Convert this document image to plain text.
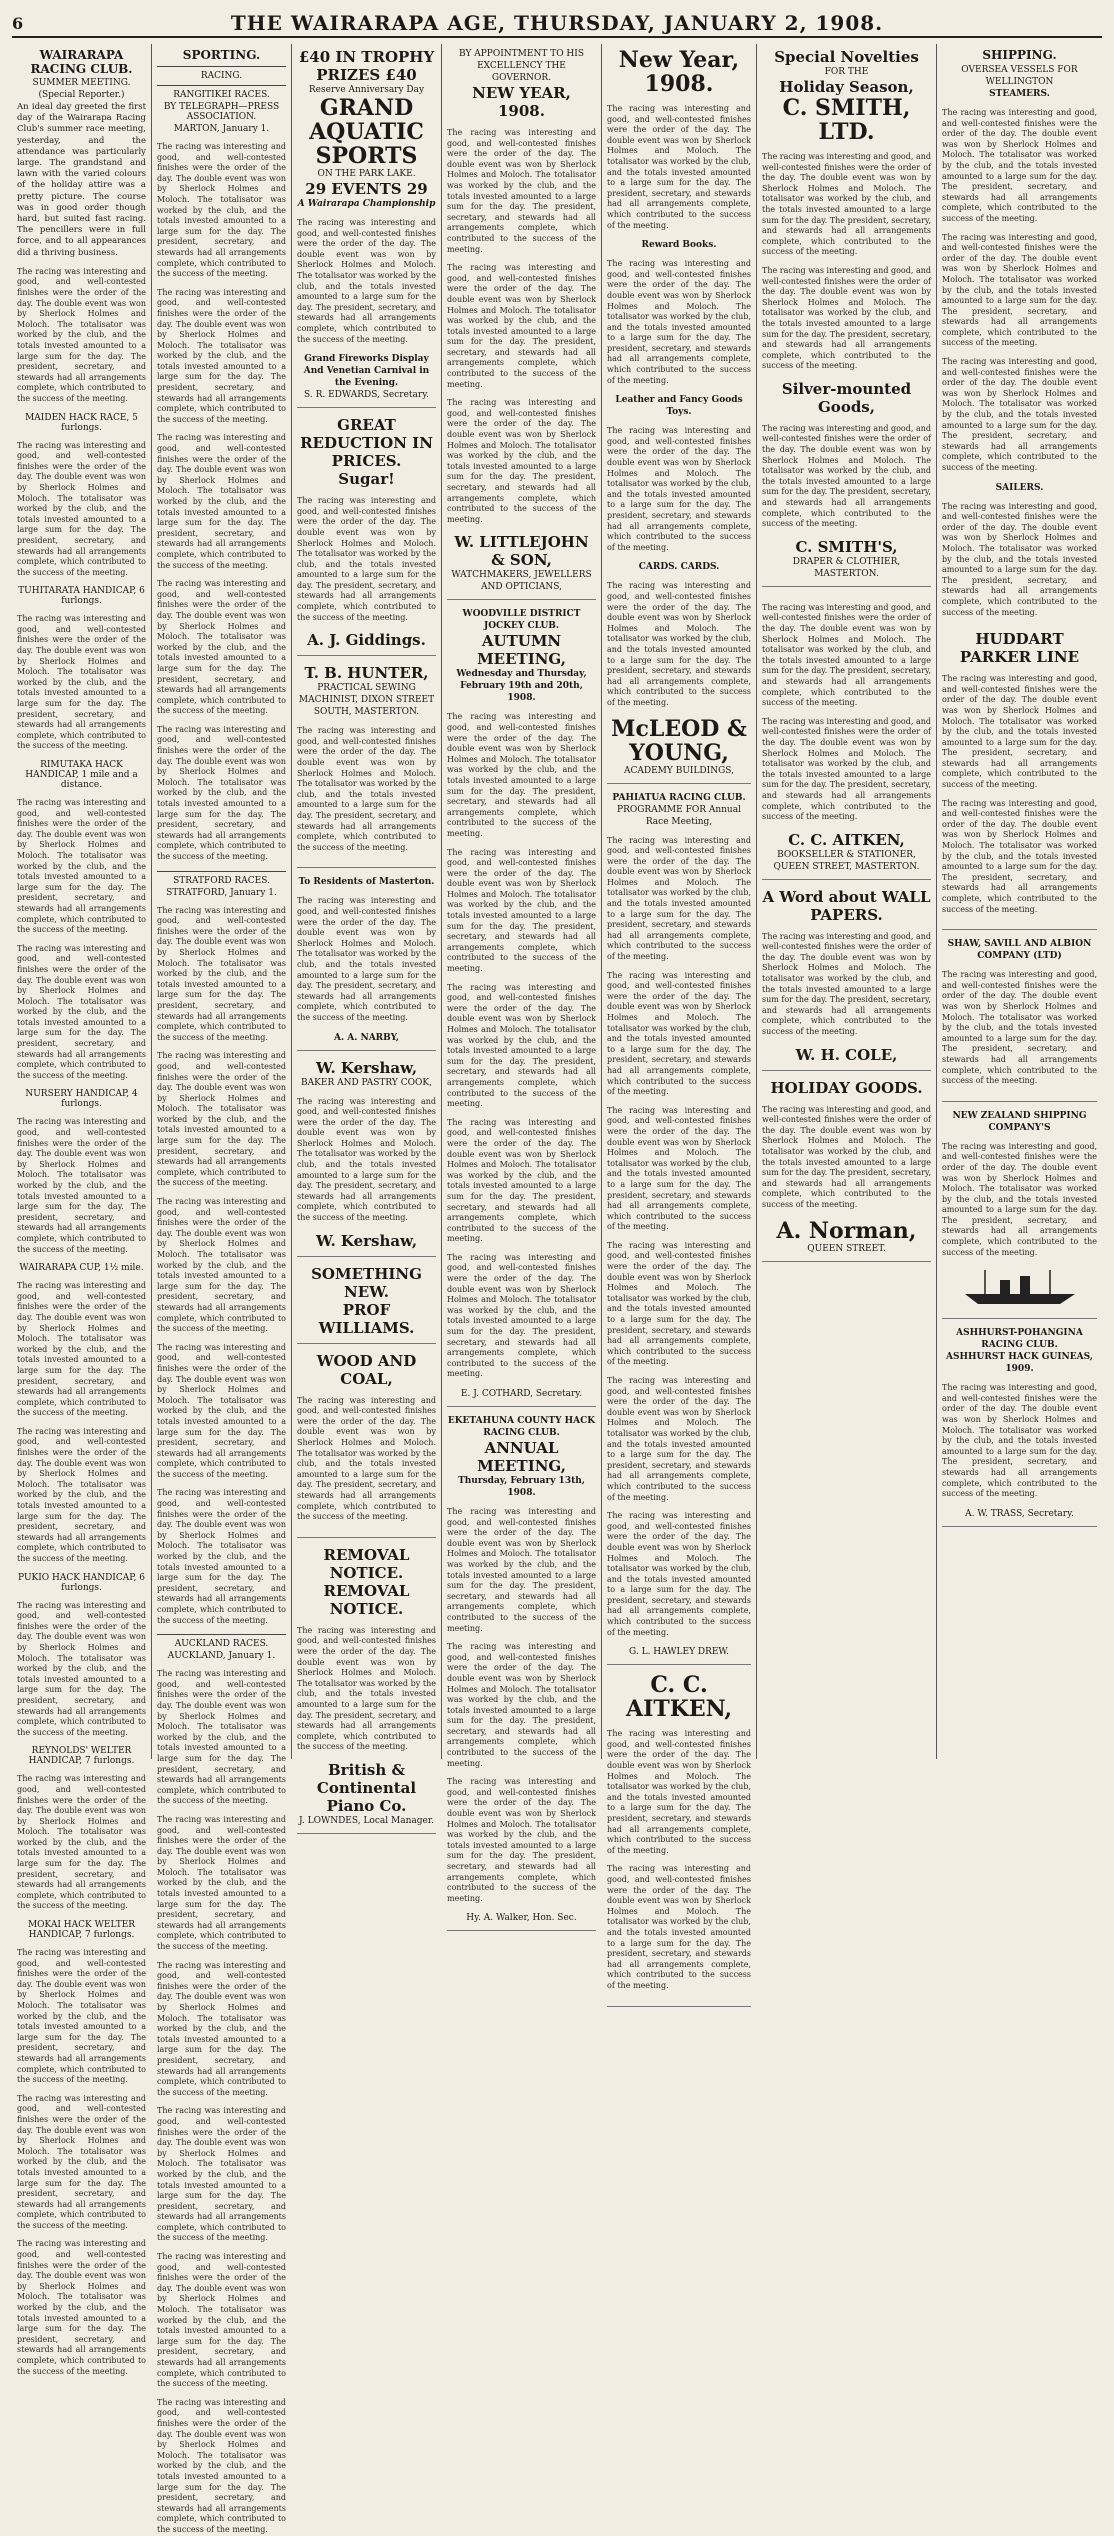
6	THE WAIRARAPA AGE, THURSDAY, JANUARY 2, 1908.
WAIRARAPA RACING CLUB.
SUMMER MEETING.
(Special Reporter.)

An ideal day greeted the first day of the Wairarapa Racing Club's summer race meeting, yesterday, and the attendance was particularly large. The grandstand and lawn with the varied colours of the holiday attire was a pretty picture. The course was in good order though hard, but suited fast racing. The pencillers were in full force, and to all appearances did a thriving business.

The racing was interesting and good, and well-contested finishes were the order of the day. The double event was won by Sherlock Holmes and Moloch. The totalisator was worked by the club, and the totals invested amounted to a large sum for the day. The president, secretary, and stewards had all arrangements complete, which contributed to the success of the meeting.

MAIDEN HACK RACE, 5 furlongs.

The racing was interesting and good, and well-contested finishes were the order of the day. The double event was won by Sherlock Holmes and Moloch. The totalisator was worked by the club, and the totals invested amounted to a large sum for the day. The president, secretary, and stewards had all arrangements complete, which contributed to the success of the meeting.

TUHITARATA HANDICAP, 6 furlongs.

The racing was interesting and good, and well-contested finishes were the order of the day. The double event was won by Sherlock Holmes and Moloch. The totalisator was worked by the club, and the totals invested amounted to a large sum for the day. The president, secretary, and stewards had all arrangements complete, which contributed to the success of the meeting.

RIMUTAKA HACK HANDICAP, 1 mile and a distance.

The racing was interesting and good, and well-contested finishes were the order of the day. The double event was won by Sherlock Holmes and Moloch. The totalisator was worked by the club, and the totals invested amounted to a large sum for the day. The president, secretary, and stewards had all arrangements complete, which contributed to the success of the meeting.

The racing was interesting and good, and well-contested finishes were the order of the day. The double event was won by Sherlock Holmes and Moloch. The totalisator was worked by the club, and the totals invested amounted to a large sum for the day. The president, secretary, and stewards had all arrangements complete, which contributed to the success of the meeting.

NURSERY HANDICAP, 4 furlongs.

The racing was interesting and good, and well-contested finishes were the order of the day. The double event was won by Sherlock Holmes and Moloch. The totalisator was worked by the club, and the totals invested amounted to a large sum for the day. The president, secretary, and stewards had all arrangements complete, which contributed to the success of the meeting.

WAIRARAPA CUP, 1½ mile.

The racing was interesting and good, and well-contested finishes were the order of the day. The double event was won by Sherlock Holmes and Moloch. The totalisator was worked by the club, and the totals invested amounted to a large sum for the day. The president, secretary, and stewards had all arrangements complete, which contributed to the success of the meeting.

The racing was interesting and good, and well-contested finishes were the order of the day. The double event was won by Sherlock Holmes and Moloch. The totalisator was worked by the club, and the totals invested amounted to a large sum for the day. The president, secretary, and stewards had all arrangements complete, which contributed to the success of the meeting.

PUKIO HACK HANDICAP, 6 furlongs.

The racing was interesting and good, and well-contested finishes were the order of the day. The double event was won by Sherlock Holmes and Moloch. The totalisator was worked by the club, and the totals invested amounted to a large sum for the day. The president, secretary, and stewards had all arrangements complete, which contributed to the success of the meeting.

REYNOLDS' WELTER HANDICAP, 7 furlongs.

The racing was interesting and good, and well-contested finishes were the order of the day. The double event was won by Sherlock Holmes and Moloch. The totalisator was worked by the club, and the totals invested amounted to a large sum for the day. The president, secretary, and stewards had all arrangements complete, which contributed to the success of the meeting.

MOKAI HACK WELTER HANDICAP, 7 furlongs.

The racing was interesting and good, and well-contested finishes were the order of the day. The double event was won by Sherlock Holmes and Moloch. The totalisator was worked by the club, and the totals invested amounted to a large sum for the day. The president, secretary, and stewards had all arrangements complete, which contributed to the success of the meeting.

The racing was interesting and good, and well-contested finishes were the order of the day. The double event was won by Sherlock Holmes and Moloch. The totalisator was worked by the club, and the totals invested amounted to a large sum for the day. The president, secretary, and stewards had all arrangements complete, which contributed to the success of the meeting.

The racing was interesting and good, and well-contested finishes were the order of the day. The double event was won by Sherlock Holmes and Moloch. The totalisator was worked by the club, and the totals invested amounted to a large sum for the day. The president, secretary, and stewards had all arrangements complete, which contributed to the success of the meeting.

SPORTING.
RACING.
RANGITIKEI RACES.
BY TELEGRAPH—PRESS ASSOCIATION.
MARTON, January 1.

The racing was interesting and good, and well-contested finishes were the order of the day. The double event was won by Sherlock Holmes and Moloch. The totalisator was worked by the club, and the totals invested amounted to a large sum for the day. The president, secretary, and stewards had all arrangements complete, which contributed to the success of the meeting.

The racing was interesting and good, and well-contested finishes were the order of the day. The double event was won by Sherlock Holmes and Moloch. The totalisator was worked by the club, and the totals invested amounted to a large sum for the day. The president, secretary, and stewards had all arrangements complete, which contributed to the success of the meeting.

The racing was interesting and good, and well-contested finishes were the order of the day. The double event was won by Sherlock Holmes and Moloch. The totalisator was worked by the club, and the totals invested amounted to a large sum for the day. The president, secretary, and stewards had all arrangements complete, which contributed to the success of the meeting.

The racing was interesting and good, and well-contested finishes were the order of the day. The double event was won by Sherlock Holmes and Moloch. The totalisator was worked by the club, and the totals invested amounted to a large sum for the day. The president, secretary, and stewards had all arrangements complete, which contributed to the success of the meeting.

The racing was interesting and good, and well-contested finishes were the order of the day. The double event was won by Sherlock Holmes and Moloch. The totalisator was worked by the club, and the totals invested amounted to a large sum for the day. The president, secretary, and stewards had all arrangements complete, which contributed to the success of the meeting.

STRATFORD RACES.
STRATFORD, January 1.

The racing was interesting and good, and well-contested finishes were the order of the day. The double event was won by Sherlock Holmes and Moloch. The totalisator was worked by the club, and the totals invested amounted to a large sum for the day. The president, secretary, and stewards had all arrangements complete, which contributed to the success of the meeting.

The racing was interesting and good, and well-contested finishes were the order of the day. The double event was won by Sherlock Holmes and Moloch. The totalisator was worked by the club, and the totals invested amounted to a large sum for the day. The president, secretary, and stewards had all arrangements complete, which contributed to the success of the meeting.

The racing was interesting and good, and well-contested finishes were the order of the day. The double event was won by Sherlock Holmes and Moloch. The totalisator was worked by the club, and the totals invested amounted to a large sum for the day. The president, secretary, and stewards had all arrangements complete, which contributed to the success of the meeting.

The racing was interesting and good, and well-contested finishes were the order of the day. The double event was won by Sherlock Holmes and Moloch. The totalisator was worked by the club, and the totals invested amounted to a large sum for the day. The president, secretary, and stewards had all arrangements complete, which contributed to the success of the meeting.

The racing was interesting and good, and well-contested finishes were the order of the day. The double event was won by Sherlock Holmes and Moloch. The totalisator was worked by the club, and the totals invested amounted to a large sum for the day. The president, secretary, and stewards had all arrangements complete, which contributed to the success of the meeting.

AUCKLAND RACES.
AUCKLAND, January 1.

The racing was interesting and good, and well-contested finishes were the order of the day. The double event was won by Sherlock Holmes and Moloch. The totalisator was worked by the club, and the totals invested amounted to a large sum for the day. The president, secretary, and stewards had all arrangements complete, which contributed to the success of the meeting.

The racing was interesting and good, and well-contested finishes were the order of the day. The double event was won by Sherlock Holmes and Moloch. The totalisator was worked by the club, and the totals invested amounted to a large sum for the day. The president, secretary, and stewards had all arrangements complete, which contributed to the success of the meeting.

The racing was interesting and good, and well-contested finishes were the order of the day. The double event was won by Sherlock Holmes and Moloch. The totalisator was worked by the club, and the totals invested amounted to a large sum for the day. The president, secretary, and stewards had all arrangements complete, which contributed to the success of the meeting.

The racing was interesting and good, and well-contested finishes were the order of the day. The double event was won by Sherlock Holmes and Moloch. The totalisator was worked by the club, and the totals invested amounted to a large sum for the day. The president, secretary, and stewards had all arrangements complete, which contributed to the success of the meeting.

The racing was interesting and good, and well-contested finishes were the order of the day. The double event was won by Sherlock Holmes and Moloch. The totalisator was worked by the club, and the totals invested amounted to a large sum for the day. The president, secretary, and stewards had all arrangements complete, which contributed to the success of the meeting.

The racing was interesting and good, and well-contested finishes were the order of the day. The double event was won by Sherlock Holmes and Moloch. The totalisator was worked by the club, and the totals invested amounted to a large sum for the day. The president, secretary, and stewards had all arrangements complete, which contributed to the success of the meeting.

£40 IN TROPHY PRIZES £40
Reserve Anniversary Day
GRAND AQUATIC SPORTS
ON THE PARK LAKE.
29 EVENTS 29
A Wairarapa Championship

The racing was interesting and good, and well-contested finishes were the order of the day. The double event was won by Sherlock Holmes and Moloch. The totalisator was worked by the club, and the totals invested amounted to a large sum for the day. The president, secretary, and stewards had all arrangements complete, which contributed to the success of the meeting.

Grand Fireworks Display And Venetian Carnival in the Evening.
S. R. EDWARDS, Secretary.
GREAT REDUCTION IN PRICES.
Sugar!

The racing was interesting and good, and well-contested finishes were the order of the day. The double event was won by Sherlock Holmes and Moloch. The totalisator was worked by the club, and the totals invested amounted to a large sum for the day. The president, secretary, and stewards had all arrangements complete, which contributed to the success of the meeting.

A. J. Giddings.
T. B. HUNTER,
PRACTICAL SEWING MACHINIST, DIXON STREET SOUTH, MASTERTON.

The racing was interesting and good, and well-contested finishes were the order of the day. The double event was won by Sherlock Holmes and Moloch. The totalisator was worked by the club, and the totals invested amounted to a large sum for the day. The president, secretary, and stewards had all arrangements complete, which contributed to the success of the meeting.

To Residents of Masterton.

The racing was interesting and good, and well-contested finishes were the order of the day. The double event was won by Sherlock Holmes and Moloch. The totalisator was worked by the club, and the totals invested amounted to a large sum for the day. The president, secretary, and stewards had all arrangements complete, which contributed to the success of the meeting.

A. A. NARBY,
W. Kershaw,
BAKER AND PASTRY COOK,

The racing was interesting and good, and well-contested finishes were the order of the day. The double event was won by Sherlock Holmes and Moloch. The totalisator was worked by the club, and the totals invested amounted to a large sum for the day. The president, secretary, and stewards had all arrangements complete, which contributed to the success of the meeting.

W. Kershaw,
SOMETHING NEW.
PROF WILLIAMS.
WOOD AND COAL,

The racing was interesting and good, and well-contested finishes were the order of the day. The double event was won by Sherlock Holmes and Moloch. The totalisator was worked by the club, and the totals invested amounted to a large sum for the day. The president, secretary, and stewards had all arrangements complete, which contributed to the success of the meeting.

REMOVAL NOTICE. REMOVAL NOTICE.

The racing was interesting and good, and well-contested finishes were the order of the day. The double event was won by Sherlock Holmes and Moloch. The totalisator was worked by the club, and the totals invested amounted to a large sum for the day. The president, secretary, and stewards had all arrangements complete, which contributed to the success of the meeting.

British & Continental Piano Co.
J. LOWNDES, Local Manager.
BY APPOINTMENT TO HIS EXCELLENCY THE GOVERNOR.
NEW YEAR, 1908.

The racing was interesting and good, and well-contested finishes were the order of the day. The double event was won by Sherlock Holmes and Moloch. The totalisator was worked by the club, and the totals invested amounted to a large sum for the day. The president, secretary, and stewards had all arrangements complete, which contributed to the success of the meeting.

The racing was interesting and good, and well-contested finishes were the order of the day. The double event was won by Sherlock Holmes and Moloch. The totalisator was worked by the club, and the totals invested amounted to a large sum for the day. The president, secretary, and stewards had all arrangements complete, which contributed to the success of the meeting.

The racing was interesting and good, and well-contested finishes were the order of the day. The double event was won by Sherlock Holmes and Moloch. The totalisator was worked by the club, and the totals invested amounted to a large sum for the day. The president, secretary, and stewards had all arrangements complete, which contributed to the success of the meeting.

W. LITTLEJOHN & SON,
WATCHMAKERS, JEWELLERS AND OPTICIANS,
WOODVILLE DISTRICT JOCKEY CLUB.
AUTUMN MEETING,
Wednesday and Thursday, February 19th and 20th, 1908.

The racing was interesting and good, and well-contested finishes were the order of the day. The double event was won by Sherlock Holmes and Moloch. The totalisator was worked by the club, and the totals invested amounted to a large sum for the day. The president, secretary, and stewards had all arrangements complete, which contributed to the success of the meeting.

The racing was interesting and good, and well-contested finishes were the order of the day. The double event was won by Sherlock Holmes and Moloch. The totalisator was worked by the club, and the totals invested amounted to a large sum for the day. The president, secretary, and stewards had all arrangements complete, which contributed to the success of the meeting.

The racing was interesting and good, and well-contested finishes were the order of the day. The double event was won by Sherlock Holmes and Moloch. The totalisator was worked by the club, and the totals invested amounted to a large sum for the day. The president, secretary, and stewards had all arrangements complete, which contributed to the success of the meeting.

The racing was interesting and good, and well-contested finishes were the order of the day. The double event was won by Sherlock Holmes and Moloch. The totalisator was worked by the club, and the totals invested amounted to a large sum for the day. The president, secretary, and stewards had all arrangements complete, which contributed to the success of the meeting.

The racing was interesting and good, and well-contested finishes were the order of the day. The double event was won by Sherlock Holmes and Moloch. The totalisator was worked by the club, and the totals invested amounted to a large sum for the day. The president, secretary, and stewards had all arrangements complete, which contributed to the success of the meeting.

E. J. COTHARD, Secretary.
EKETAHUNA COUNTY HACK RACING CLUB.
ANNUAL MEETING,
Thursday, February 13th, 1908.

The racing was interesting and good, and well-contested finishes were the order of the day. The double event was won by Sherlock Holmes and Moloch. The totalisator was worked by the club, and the totals invested amounted to a large sum for the day. The president, secretary, and stewards had all arrangements complete, which contributed to the success of the meeting.

The racing was interesting and good, and well-contested finishes were the order of the day. The double event was won by Sherlock Holmes and Moloch. The totalisator was worked by the club, and the totals invested amounted to a large sum for the day. The president, secretary, and stewards had all arrangements complete, which contributed to the success of the meeting.

The racing was interesting and good, and well-contested finishes were the order of the day. The double event was won by Sherlock Holmes and Moloch. The totalisator was worked by the club, and the totals invested amounted to a large sum for the day. The president, secretary, and stewards had all arrangements complete, which contributed to the success of the meeting.

Hy. A. Walker, Hon. Sec.
New Year, 1908.

The racing was interesting and good, and well-contested finishes were the order of the day. The double event was won by Sherlock Holmes and Moloch. The totalisator was worked by the club, and the totals invested amounted to a large sum for the day. The president, secretary, and stewards had all arrangements complete, which contributed to the success of the meeting.

Reward Books.

The racing was interesting and good, and well-contested finishes were the order of the day. The double event was won by Sherlock Holmes and Moloch. The totalisator was worked by the club, and the totals invested amounted to a large sum for the day. The president, secretary, and stewards had all arrangements complete, which contributed to the success of the meeting.

Leather and Fancy Goods Toys.

The racing was interesting and good, and well-contested finishes were the order of the day. The double event was won by Sherlock Holmes and Moloch. The totalisator was worked by the club, and the totals invested amounted to a large sum for the day. The president, secretary, and stewards had all arrangements complete, which contributed to the success of the meeting.

CARDS. CARDS.

The racing was interesting and good, and well-contested finishes were the order of the day. The double event was won by Sherlock Holmes and Moloch. The totalisator was worked by the club, and the totals invested amounted to a large sum for the day. The president, secretary, and stewards had all arrangements complete, which contributed to the success of the meeting.

McLEOD & YOUNG,
ACADEMY BUILDINGS,
PAHIATUA RACING CLUB.
PROGRAMME FOR Annual Race Meeting,

The racing was interesting and good, and well-contested finishes were the order of the day. The double event was won by Sherlock Holmes and Moloch. The totalisator was worked by the club, and the totals invested amounted to a large sum for the day. The president, secretary, and stewards had all arrangements complete, which contributed to the success of the meeting.

The racing was interesting and good, and well-contested finishes were the order of the day. The double event was won by Sherlock Holmes and Moloch. The totalisator was worked by the club, and the totals invested amounted to a large sum for the day. The president, secretary, and stewards had all arrangements complete, which contributed to the success of the meeting.

The racing was interesting and good, and well-contested finishes were the order of the day. The double event was won by Sherlock Holmes and Moloch. The totalisator was worked by the club, and the totals invested amounted to a large sum for the day. The president, secretary, and stewards had all arrangements complete, which contributed to the success of the meeting.

The racing was interesting and good, and well-contested finishes were the order of the day. The double event was won by Sherlock Holmes and Moloch. The totalisator was worked by the club, and the totals invested amounted to a large sum for the day. The president, secretary, and stewards had all arrangements complete, which contributed to the success of the meeting.

The racing was interesting and good, and well-contested finishes were the order of the day. The double event was won by Sherlock Holmes and Moloch. The totalisator was worked by the club, and the totals invested amounted to a large sum for the day. The president, secretary, and stewards had all arrangements complete, which contributed to the success of the meeting.

The racing was interesting and good, and well-contested finishes were the order of the day. The double event was won by Sherlock Holmes and Moloch. The totalisator was worked by the club, and the totals invested amounted to a large sum for the day. The president, secretary, and stewards had all arrangements complete, which contributed to the success of the meeting.

G. L. HAWLEY DREW.
C. C. AITKEN,

The racing was interesting and good, and well-contested finishes were the order of the day. The double event was won by Sherlock Holmes and Moloch. The totalisator was worked by the club, and the totals invested amounted to a large sum for the day. The president, secretary, and stewards had all arrangements complete, which contributed to the success of the meeting.

The racing was interesting and good, and well-contested finishes were the order of the day. The double event was won by Sherlock Holmes and Moloch. The totalisator was worked by the club, and the totals invested amounted to a large sum for the day. The president, secretary, and stewards had all arrangements complete, which contributed to the success of the meeting.

Special Novelties
FOR THE
Holiday Season,
C. SMITH, LTD.

The racing was interesting and good, and well-contested finishes were the order of the day. The double event was won by Sherlock Holmes and Moloch. The totalisator was worked by the club, and the totals invested amounted to a large sum for the day. The president, secretary, and stewards had all arrangements complete, which contributed to the success of the meeting.

The racing was interesting and good, and well-contested finishes were the order of the day. The double event was won by Sherlock Holmes and Moloch. The totalisator was worked by the club, and the totals invested amounted to a large sum for the day. The president, secretary, and stewards had all arrangements complete, which contributed to the success of the meeting.

Silver-mounted Goods,

The racing was interesting and good, and well-contested finishes were the order of the day. The double event was won by Sherlock Holmes and Moloch. The totalisator was worked by the club, and the totals invested amounted to a large sum for the day. The president, secretary, and stewards had all arrangements complete, which contributed to the success of the meeting.

C. SMITH'S,
DRAPER & CLOTHIER, MASTERTON.

The racing was interesting and good, and well-contested finishes were the order of the day. The double event was won by Sherlock Holmes and Moloch. The totalisator was worked by the club, and the totals invested amounted to a large sum for the day. The president, secretary, and stewards had all arrangements complete, which contributed to the success of the meeting.

The racing was interesting and good, and well-contested finishes were the order of the day. The double event was won by Sherlock Holmes and Moloch. The totalisator was worked by the club, and the totals invested amounted to a large sum for the day. The president, secretary, and stewards had all arrangements complete, which contributed to the success of the meeting.

C. C. AITKEN,
BOOKSELLER & STATIONER, QUEEN STREET, MASTERTON.
A Word about WALL PAPERS.

The racing was interesting and good, and well-contested finishes were the order of the day. The double event was won by Sherlock Holmes and Moloch. The totalisator was worked by the club, and the totals invested amounted to a large sum for the day. The president, secretary, and stewards had all arrangements complete, which contributed to the success of the meeting.

W. H. COLE,
HOLIDAY GOODS.

The racing was interesting and good, and well-contested finishes were the order of the day. The double event was won by Sherlock Holmes and Moloch. The totalisator was worked by the club, and the totals invested amounted to a large sum for the day. The president, secretary, and stewards had all arrangements complete, which contributed to the success of the meeting.

A. Norman,
QUEEN STREET.
SHIPPING.
OVERSEA VESSELS FOR WELLINGTON
STEAMERS.

The racing was interesting and good, and well-contested finishes were the order of the day. The double event was won by Sherlock Holmes and Moloch. The totalisator was worked by the club, and the totals invested amounted to a large sum for the day. The president, secretary, and stewards had all arrangements complete, which contributed to the success of the meeting.

The racing was interesting and good, and well-contested finishes were the order of the day. The double event was won by Sherlock Holmes and Moloch. The totalisator was worked by the club, and the totals invested amounted to a large sum for the day. The president, secretary, and stewards had all arrangements complete, which contributed to the success of the meeting.

The racing was interesting and good, and well-contested finishes were the order of the day. The double event was won by Sherlock Holmes and Moloch. The totalisator was worked by the club, and the totals invested amounted to a large sum for the day. The president, secretary, and stewards had all arrangements complete, which contributed to the success of the meeting.

SAILERS.

The racing was interesting and good, and well-contested finishes were the order of the day. The double event was won by Sherlock Holmes and Moloch. The totalisator was worked by the club, and the totals invested amounted to a large sum for the day. The president, secretary, and stewards had all arrangements complete, which contributed to the success of the meeting.

HUDDART PARKER LINE

The racing was interesting and good, and well-contested finishes were the order of the day. The double event was won by Sherlock Holmes and Moloch. The totalisator was worked by the club, and the totals invested amounted to a large sum for the day. The president, secretary, and stewards had all arrangements complete, which contributed to the success of the meeting.

The racing was interesting and good, and well-contested finishes were the order of the day. The double event was won by Sherlock Holmes and Moloch. The totalisator was worked by the club, and the totals invested amounted to a large sum for the day. The president, secretary, and stewards had all arrangements complete, which contributed to the success of the meeting.

SHAW, SAVILL AND ALBION COMPANY (LTD)

The racing was interesting and good, and well-contested finishes were the order of the day. The double event was won by Sherlock Holmes and Moloch. The totalisator was worked by the club, and the totals invested amounted to a large sum for the day. The president, secretary, and stewards had all arrangements complete, which contributed to the success of the meeting.

NEW ZEALAND SHIPPING COMPANY'S

The racing was interesting and good, and well-contested finishes were the order of the day. The double event was won by Sherlock Holmes and Moloch. The totalisator was worked by the club, and the totals invested amounted to a large sum for the day. The president, secretary, and stewards had all arrangements complete, which contributed to the success of the meeting.

ASHHURST-POHANGINA RACING CLUB.
ASHHURST HACK GUINEAS, 1909.

The racing was interesting and good, and well-contested finishes were the order of the day. The double event was won by Sherlock Holmes and Moloch. The totalisator was worked by the club, and the totals invested amounted to a large sum for the day. The president, secretary, and stewards had all arrangements complete, which contributed to the success of the meeting.

A. W. TRASS, Secretary.
